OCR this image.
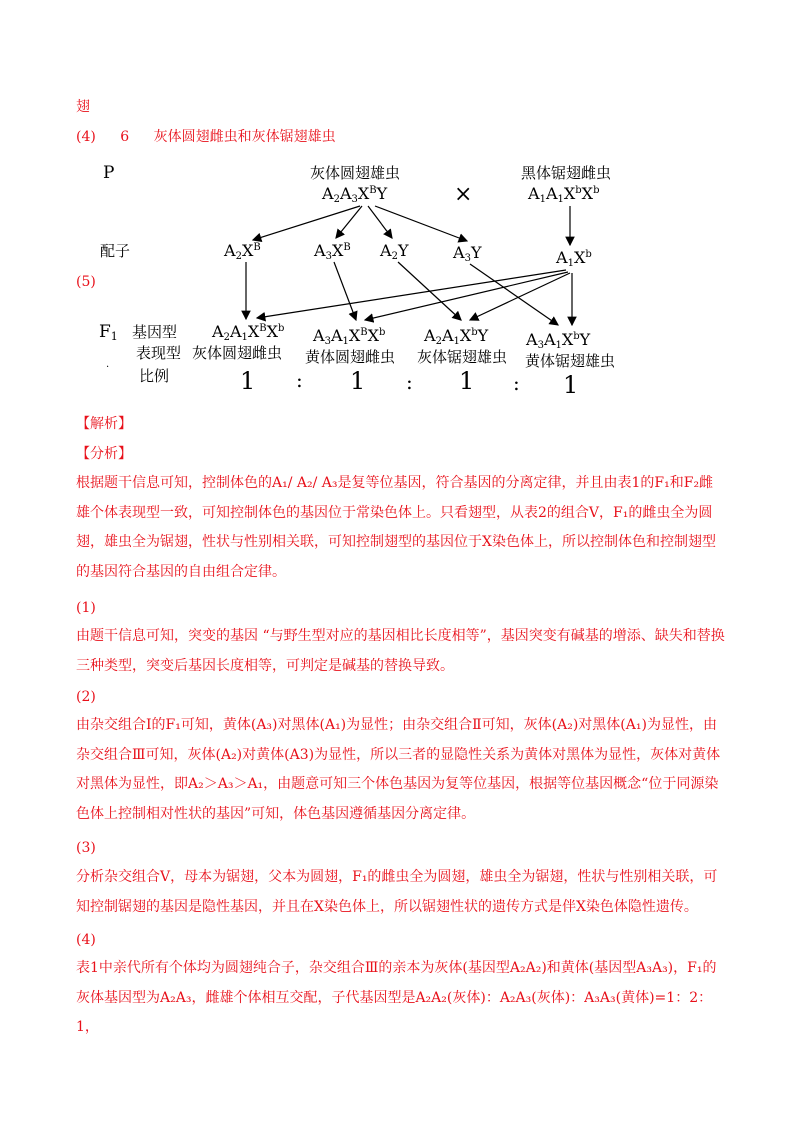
翅
(4) 6 灰体圆翅雌虫和灰体锯翅雄虫
(5)
P	灰体圆翅雄虫	黑体锯翅雌虫
×
$A2A3X^BY$	$A1A1X^bX^b$
配子	$A2X^B$	$A3X^B$ A2Y	A3Y	$A1X^b$
F1 基因型
表现型
比例
.
$A2A1X^BX^b$ $A3A1X^BX^b$ $A2A1X^bY$ $A3A1X^bY$
灰体圆翅雌虫 黄体圆翅雌虫 灰体锯翅雄虫 黄体锯翅雄虫
1 : 1 : 1 : 1
【解析】
【分析】
根据题干信息可知，控制体色的A₁/ A₂/ A₃是复等位基因，符合基因的分离定律，并且由表1的F₁和F₂雌雄个体表现型一致，可知控制体色的基因位于常染色体上。只看翅型，从表2的组合V，F₁的雌虫全为圆翅，雄虫全为锯翅，性状与性别相关联，可知控制翅型的基因位于X染色体上，所以控制体色和控制翅型的基因符合基因的自由组合定律。
(1)
由题干信息可知，突变的基因 “与野生型对应的基因相比长度相等”，基因突变有碱基的增添、缺失和替换三种类型，突变后基因长度相等，可判定是碱基的替换导致。
(2)
由杂交组合Ⅰ的F₁可知，黄体(A₃)对黑体(A₁)为显性；由杂交组合Ⅱ可知，灰体(A₂)对黑体(A₁)为显性，由杂交组合Ⅲ可知，灰体(A₂)对黄体(A3)为显性，所以三者的显隐性关系为黄体对黑体为显性，灰体对黄体对黑体为显性，即A₂＞A₃＞A₁，由题意可知三个体色基因为复等位基因，根据等位基因概念“位于同源染色体上控制相对性状的基因”可知，体色基因遵循基因分离定律。
(3)
分析杂交组合V，母本为锯翅，父本为圆翅，F₁的雌虫全为圆翅，雄虫全为锯翅，性状与性别相关联，可知控制锯翅的基因是隐性基因，并且在X染色体上，所以锯翅性状的遗传方式是伴X染色体隐性遗传。
(4)
表1中亲代所有个体均为圆翅纯合子，杂交组合Ⅲ的亲本为灰体(基因型A₂A₂)和黄体(基因型A₃A₃)，F₁的灰体基因型为A₂A₃，雌雄个体相互交配，子代基因型是A₂A₂(灰体)：A₂A₃(灰体)：A₃A₃(黄体)=1：2：1，
